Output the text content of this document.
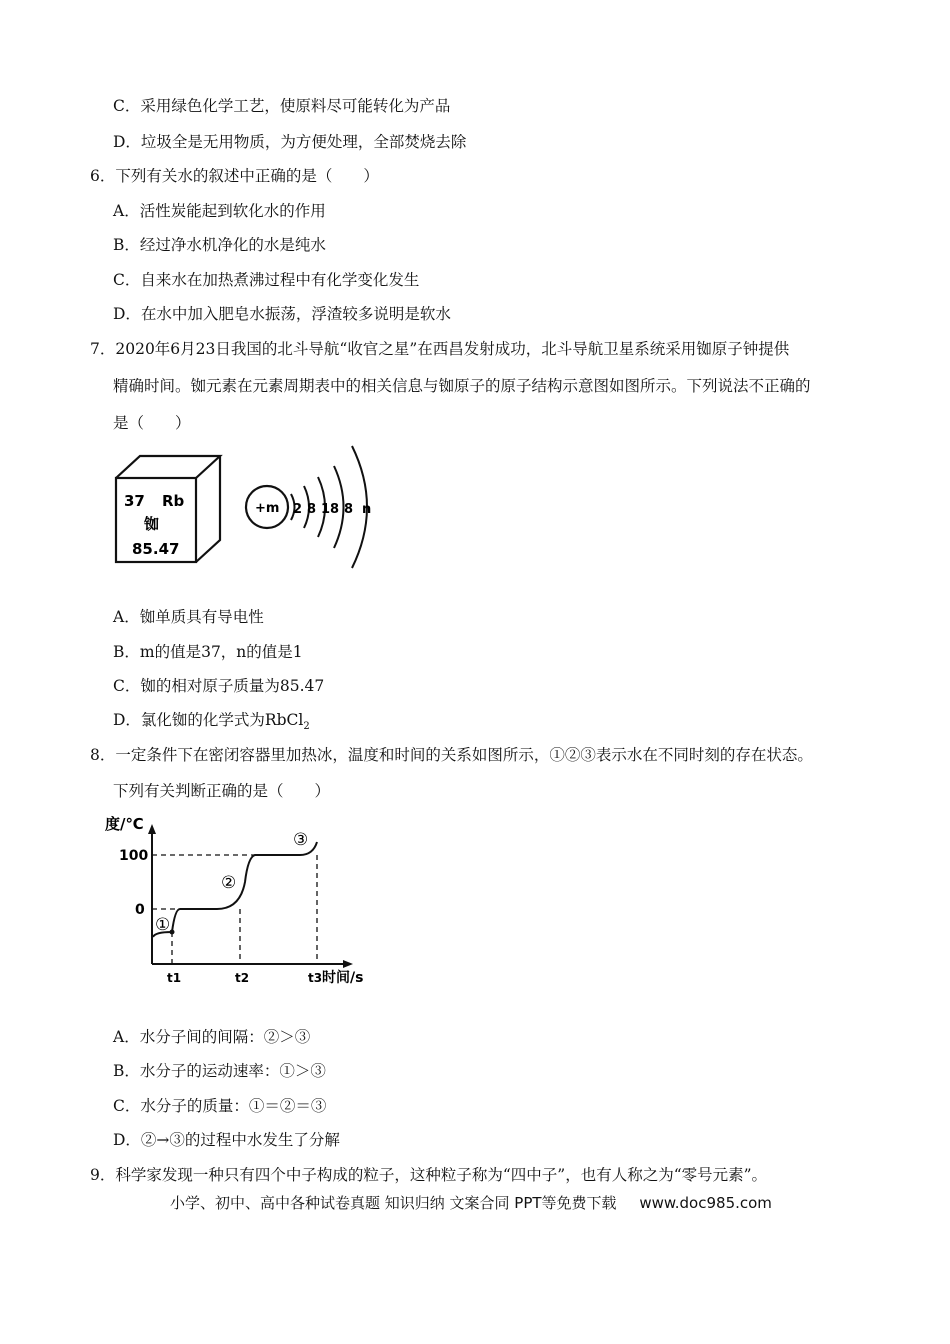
C．采用绿色化学工艺，使原料尽可能转化为产品
D．垃圾全是无用物质，为方便处理，全部焚烧去除
6．下列有关水的叙述中正确的是（　　）
A．活性炭能起到软化水的作用
B．经过净水机净化的水是纯水
C．自来水在加热煮沸过程中有化学变化发生
D．在水中加入肥皂水振荡，浮渣较多说明是软水
7．2020年6月23日我国的北斗导航“收官之星”在西昌发射成功，北斗导航卫星系统采用铷原子钟提供
精确时间。铷元素在元素周期表中的相关信息与铷原子的原子结构示意图如图所示。下列说法不正确的
是（　　）
37 Rb
铷
85.47
+m 2 8 18 8 n
A．铷单质具有导电性
B．m的值是37，n的值是1
C．铷的相对原子质量为85.47
D．氯化铷的化学式为RbCl$_2$
8．一定条件下在密闭容器里加热冰，温度和时间的关系如图所示，①②③表示水在不同时刻的存在状态。
下列有关判断正确的是（　　）
度/℃
100
0
t1	t2	t3 时间/s
①
②
③
A．水分子间的间隔：②＞③
B．水分子的运动速率：①＞③
C．水分子的质量：①＝②＝③
D．②→③的过程中水发生了分解
9．科学家发现一种只有四个中子构成的粒子，这种粒子称为“四中子”，也有人称之为“零号元素”。
小学、初中、高中各种试卷真题 知识归纳 文案合同 PPT等免费下载 www.doc985.com
